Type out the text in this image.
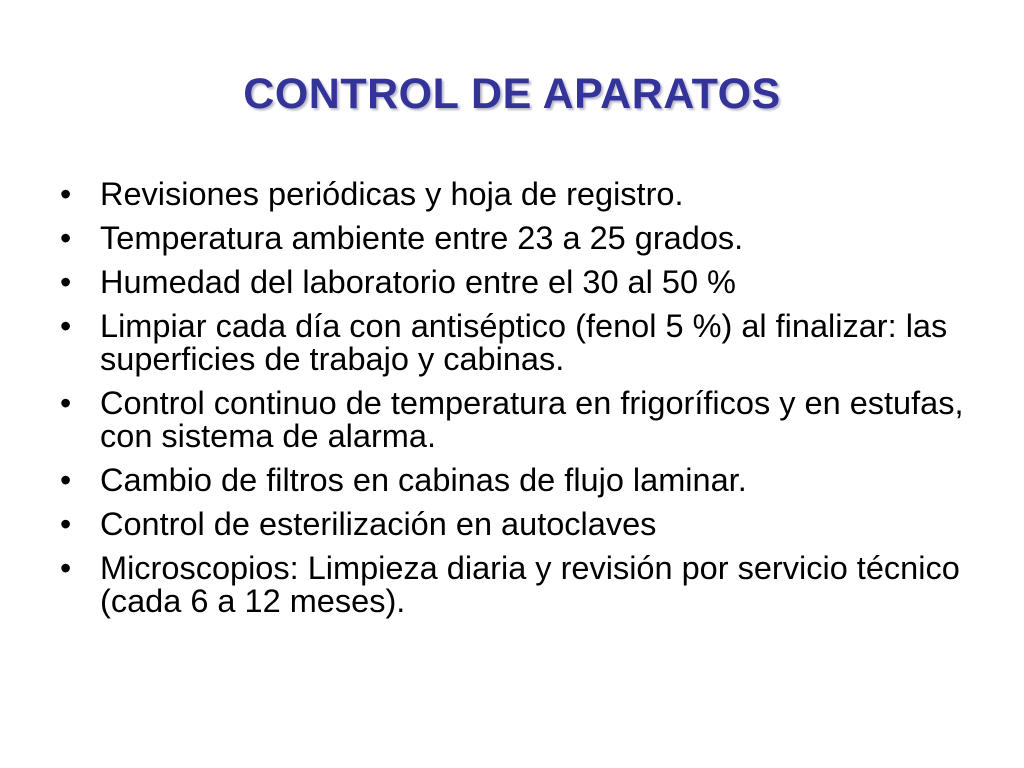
CONTROL DE APARATOS
• Revisiones periódicas y hoja de registro.
• Temperatura ambiente entre 23 a 25 grados.
• Humedad del laboratorio entre el 30 al 50 %
• Limpiar cada día con antiséptico (fenol 5 %) al finalizar: las superficies de trabajo y cabinas.
• Control continuo de temperatura en frigoríficos y en estufas, con sistema de alarma.
• Cambio de filtros en cabinas de flujo laminar.
• Control de esterilización en autoclaves
• Microscopios: Limpieza diaria y revisión por servicio técnico (cada 6 a 12 meses).
